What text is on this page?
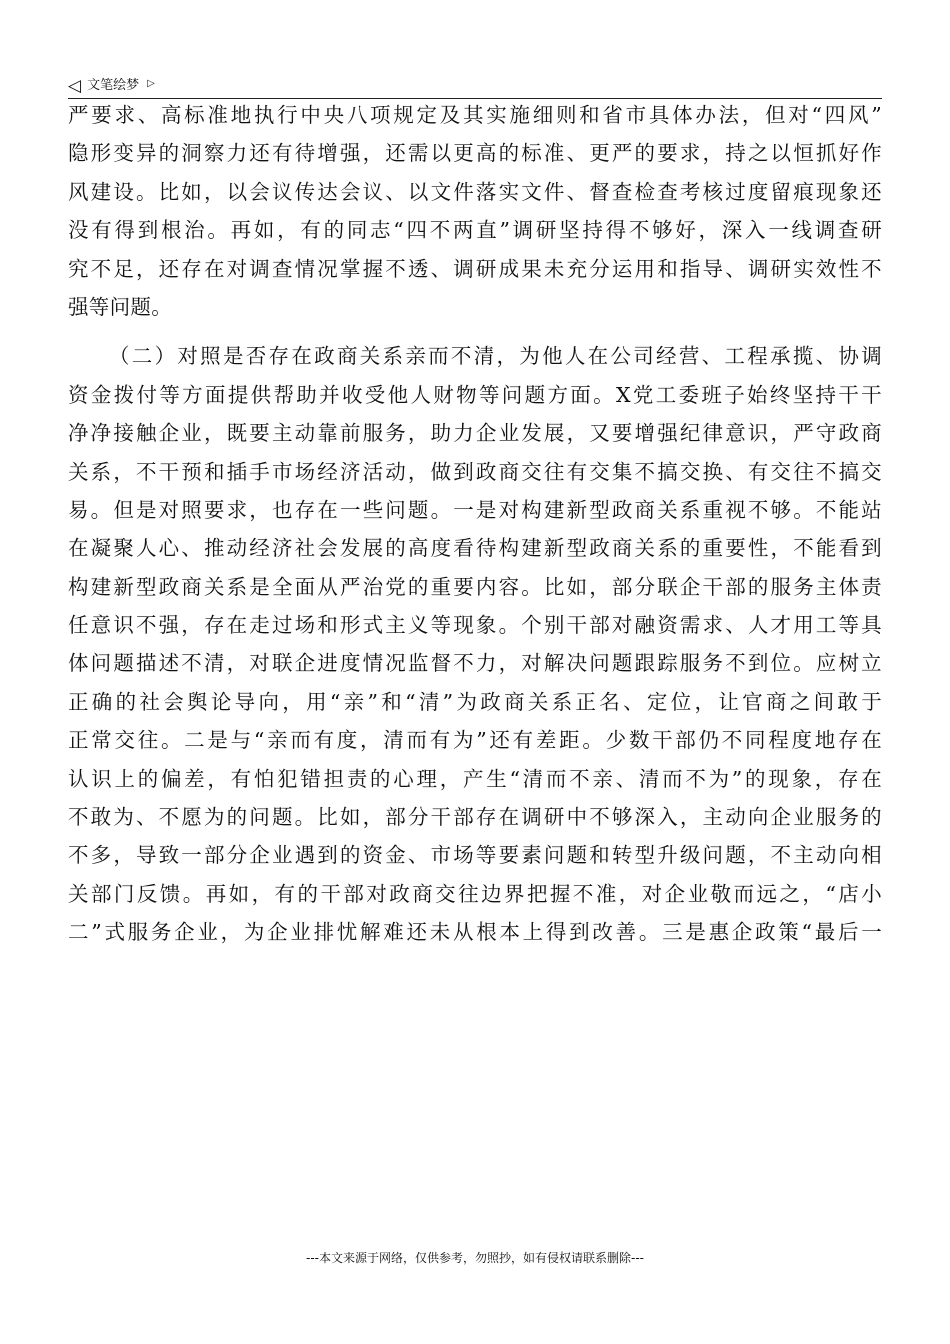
◁ 文笔绘梦 ▷
严要求、高标准地执行中央八项规定及其实施细则和省市具体办法，但对“四风”
隐形变异的洞察力还有待增强，还需以更高的标准、更严的要求，持之以恒抓好作
风建设。比如，以会议传达会议、以文件落实文件、督查检查考核过度留痕现象还
没有得到根治。再如，有的同志“四不两直”调研坚持得不够好，深入一线调查研
究不足，还存在对调查情况掌握不透、调研成果未充分运用和指导、调研实效性不
强等问题。
（二）对照是否存在政商关系亲而不清，为他人在公司经营、工程承揽、协调
资金拨付等方面提供帮助并收受他人财物等问题方面。X党工委班子始终坚持干干
净净接触企业，既要主动靠前服务，助力企业发展，又要增强纪律意识，严守政商
关系，不干预和插手市场经济活动，做到政商交往有交集不搞交换、有交往不搞交
易。但是对照要求，也存在一些问题。一是对构建新型政商关系重视不够。不能站
在凝聚人心、推动经济社会发展的高度看待构建新型政商关系的重要性，不能看到
构建新型政商关系是全面从严治党的重要内容。比如，部分联企干部的服务主体责
任意识不强，存在走过场和形式主义等现象。个别干部对融资需求、人才用工等具
体问题描述不清，对联企进度情况监督不力，对解决问题跟踪服务不到位。应树立
正确的社会舆论导向，用“亲”和“清”为政商关系正名、定位，让官商之间敢于
正常交往。二是与“亲而有度，清而有为”还有差距。少数干部仍不同程度地存在
认识上的偏差，有怕犯错担责的心理，产生“清而不亲、清而不为”的现象，存在
不敢为、不愿为的问题。比如，部分干部存在调研中不够深入，主动向企业服务的
不多，导致一部分企业遇到的资金、市场等要素问题和转型升级问题，不主动向相
关部门反馈。再如，有的干部对政商交往边界把握不准，对企业敬而远之，“店小
二”式服务企业，为企业排忧解难还未从根本上得到改善。三是惠企政策“最后一
---本文来源于网络，仅供参考，勿照抄，如有侵权请联系删除---
